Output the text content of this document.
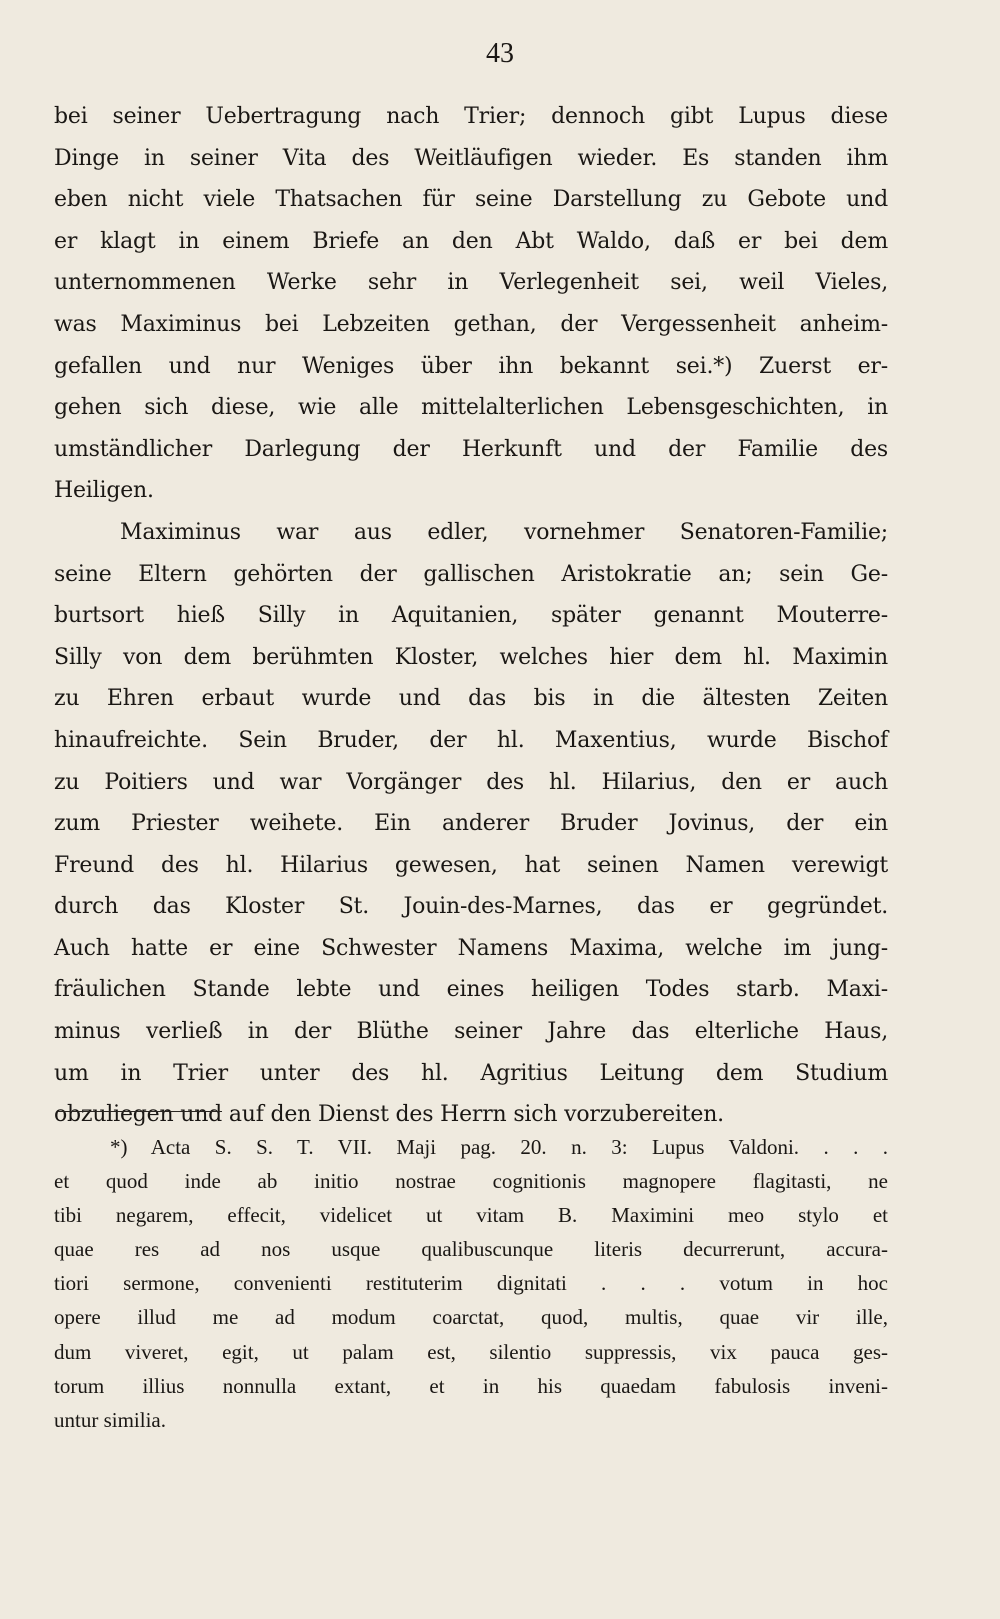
43
bei seiner Uebertragung nach Trier; dennoch gibt Lupus diese
Dinge in seiner Vita des Weitläufigen wieder. Es standen ihm
eben nicht viele Thatsachen für seine Darstellung zu Gebote und
er klagt in einem Briefe an den Abt Waldo, daß er bei dem
unternommenen Werke sehr in Verlegenheit sei, weil Vieles,
was Maximinus bei Lebzeiten gethan, der Vergessenheit anheim-
gefallen und nur Weniges über ihn bekannt sei.*) Zuerst er-
gehen sich diese, wie alle mittelalterlichen Lebensgeschichten, in
umständlicher Darlegung der Herkunft und der Familie des
Heiligen.
Maximinus war aus edler, vornehmer Senatoren-Familie;
seine Eltern gehörten der gallischen Aristokratie an; sein Ge-
burtsort hieß Silly in Aquitanien, später genannt Mouterre-
Silly von dem berühmten Kloster, welches hier dem hl. Maximin
zu Ehren erbaut wurde und das bis in die ältesten Zeiten
hinaufreichte. Sein Bruder, der hl. Maxentius, wurde Bischof
zu Poitiers und war Vorgänger des hl. Hilarius, den er auch
zum Priester weihete. Ein anderer Bruder Jovinus, der ein
Freund des hl. Hilarius gewesen, hat seinen Namen verewigt
durch das Kloster St. Jouin-des-Marnes, das er gegründet.
Auch hatte er eine Schwester Namens Maxima, welche im jung-
fräulichen Stande lebte und eines heiligen Todes starb. Maxi-
minus verließ in der Blüthe seiner Jahre das elterliche Haus,
um in Trier unter des hl. Agritius Leitung dem Studium
obzuliegen und auf den Dienst des Herrn sich vorzubereiten.
*) Acta S. S. T. VII. Maji pag. 20. n. 3: Lupus Valdoni. . . .
et quod inde ab initio nostrae cognitionis magnopere flagitasti, ne
tibi negarem, effecit, videlicet ut vitam B. Maximini meo stylo et
quae res ad nos usque qualibuscunque literis decurrerunt, accura-
tiori sermone, convenienti restituterim dignitati . . . votum in hoc
opere illud me ad modum coarctat, quod, multis, quae vir ille,
dum viveret, egit, ut palam est, silentio suppressis, vix pauca ges-
torum illius nonnulla extant, et in his quaedam fabulosis inveni-
untur similia.
